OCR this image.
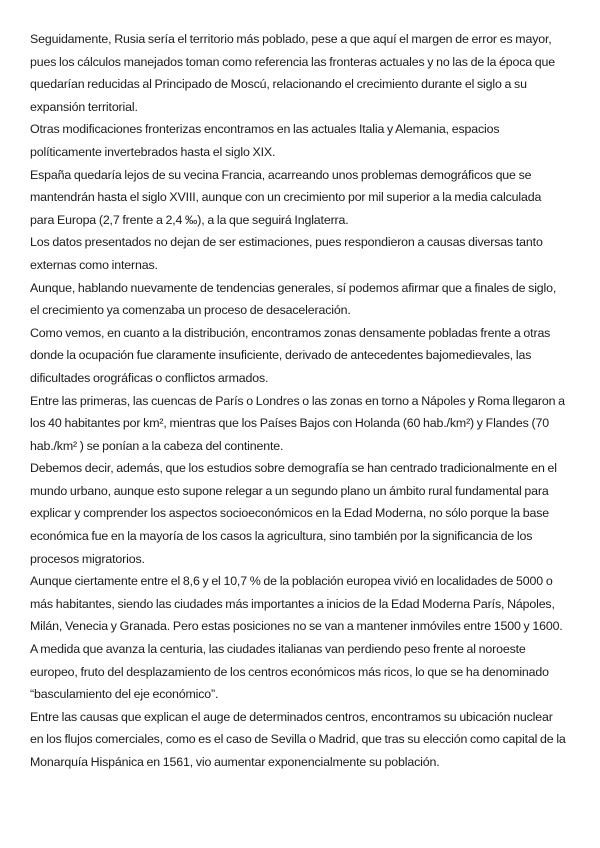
Seguidamente, Rusia sería el territorio más poblado, pese a que aquí el margen de error es mayor, pues los cálculos manejados toman como referencia las fronteras actuales y no las de la época que quedarían reducidas al Principado de Moscú, relacionando el crecimiento durante el siglo a su expansión territorial.

Otras modificaciones fronterizas encontramos en las actuales Italia y Alemania, espacios políticamente invertebrados hasta el siglo XIX.

España quedaría lejos de su vecina Francia, acarreando unos problemas demográficos que se mantendrán hasta el siglo XVIII, aunque con un crecimiento por mil superior a la media calculada para Europa (2,7 frente a 2,4 ‰), a la que seguirá Inglaterra.

Los datos presentados no dejan de ser estimaciones, pues respondieron a causas diversas tanto externas como internas.

Aunque, hablando nuevamente de tendencias generales, sí podemos afirmar que a finales de siglo, el crecimiento ya comenzaba un proceso de desaceleración.

Como vemos, en cuanto a la distribución, encontramos zonas densamente pobladas frente a otras donde la ocupación fue claramente insuficiente, derivado de antecedentes bajomedievales, las dificultades orográficas o conflictos armados.

Entre las primeras, las cuencas de París o Londres o las zonas en torno a Nápoles y Roma llegaron a los 40 habitantes por km², mientras que los Países Bajos con Holanda (60 hab./km²) y Flandes (70 hab./km² ) se ponían a la cabeza del continente.

Debemos decir, además, que los estudios sobre demografía se han centrado tradicionalmente en el mundo urbano, aunque esto supone relegar a un segundo plano un ámbito rural fundamental para explicar y comprender los aspectos socioeconómicos en la Edad Moderna, no sólo porque la base económica fue en la mayoría de los casos la agricultura, sino también por la significancia de los procesos migratorios.

Aunque ciertamente entre el 8,6 y el 10,7 % de la población europea vivió en localidades de 5000 o más habitantes, siendo las ciudades más importantes a inicios de la Edad Moderna París, Nápoles, Milán, Venecia y Granada. Pero estas posiciones no se van a mantener inmóviles entre 1500 y 1600.

A medida que avanza la centuria, las ciudades italianas van perdiendo peso frente al noroeste europeo, fruto del desplazamiento de los centros económicos más ricos, lo que se ha denominado “basculamiento del eje económico”.

Entre las causas que explican el auge de determinados centros, encontramos su ubicación nuclear en los flujos comerciales, como es el caso de Sevilla o Madrid, que tras su elección como capital de la Monarquía Hispánica en 1561, vio aumentar exponencialmente su población.
